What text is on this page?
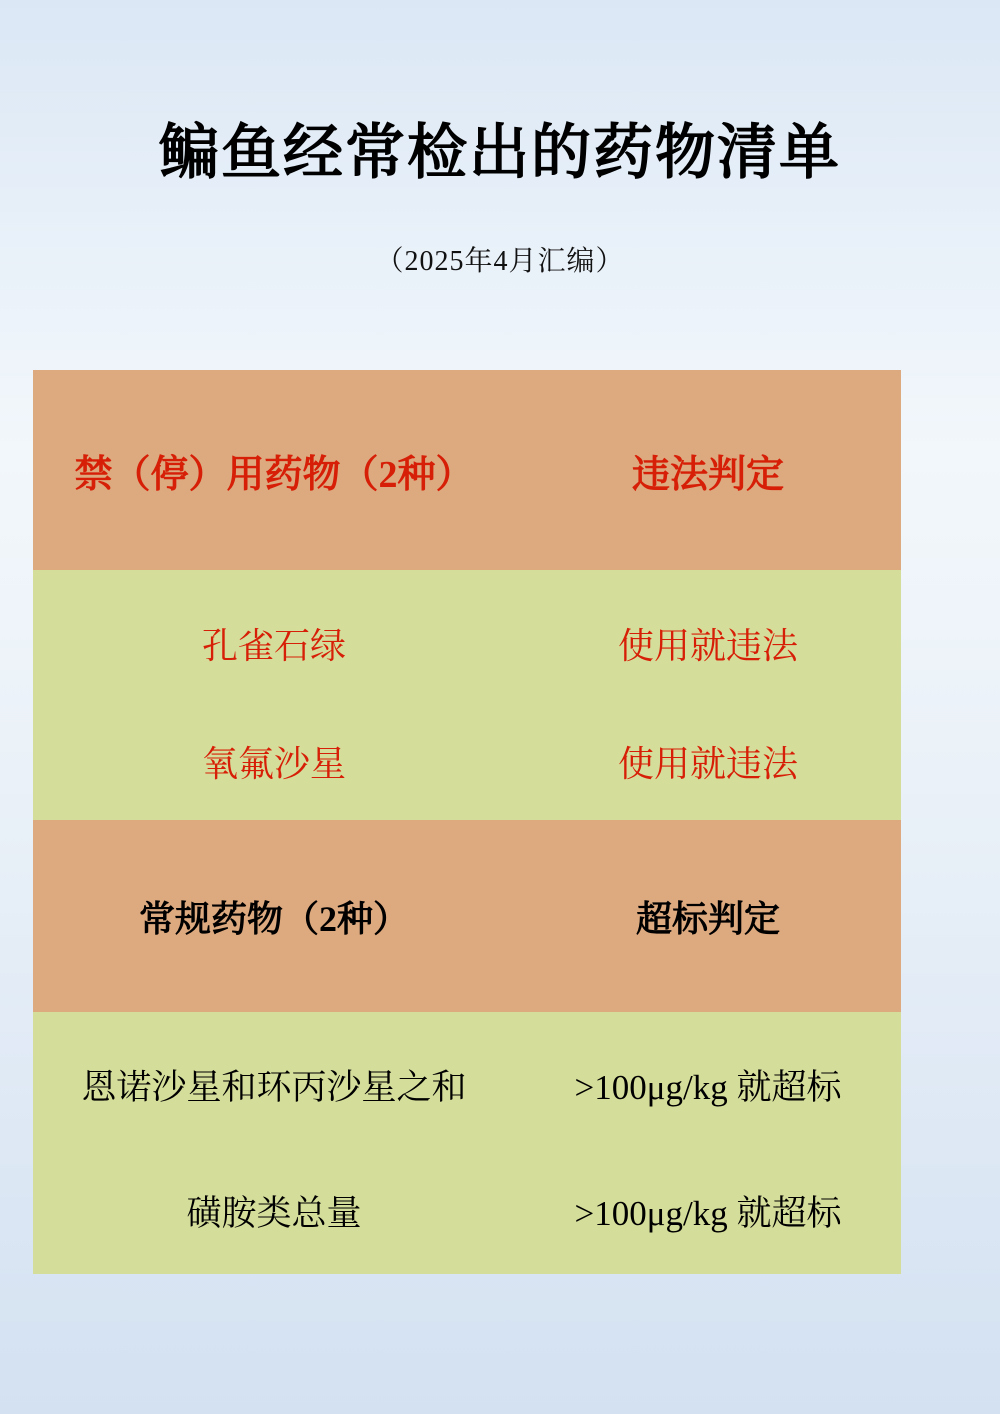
鳊鱼经常检出的药物清单
（2025年4月汇编）
禁（停）用药物（2种）	违法判定
孔雀石绿	使用就违法
氧氟沙星	使用就违法
常规药物（2种）	超标判定
恩诺沙星和环丙沙星之和	>100μg/kg 就超标
磺胺类总量	>100μg/kg 就超标
